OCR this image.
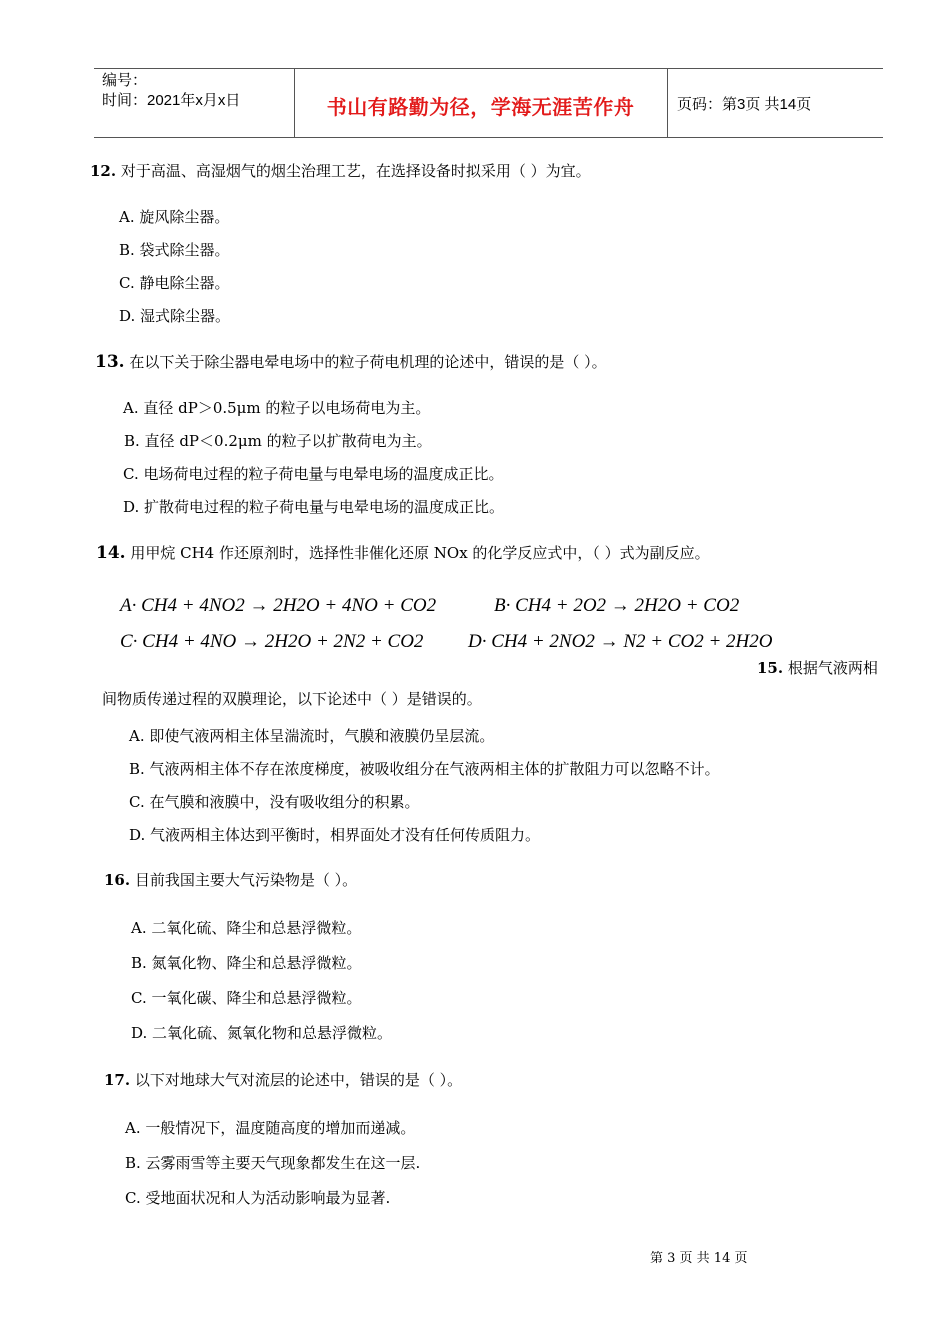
编号：
时间：2021年x月x日	书山有路勤为径，学海无涯苦作舟	页码：第3页 共14页
12. 对于高温、高湿烟气的烟尘治理工艺，在选择设备时拟采用（ ）为宜。
A. 旋风除尘器。
B. 袋式除尘器。
C. 静电除尘器。
D. 湿式除尘器。
13. 在以下关于除尘器电晕电场中的粒子荷电机理的论述中，错误的是（ ）。
A. 直径 dP＞0.5μm 的粒子以电场荷电为主。
B. 直径 dP＜0.2μm 的粒子以扩散荷电为主。
C. 电场荷电过程的粒子荷电量与电晕电场的温度成正比。
D. 扩散荷电过程的粒子荷电量与电晕电场的温度成正比。
14. 用甲烷 CH4 作还原剂时，选择性非催化还原 NOx 的化学反应式中，（ ）式为副反应。
A· CH4 + 4NO2 → 2H2O + 4NO + CO2	B· CH4 + 2O2 → 2H2O + CO2
C· CH4 + 4NO → 2H2O + 2N2 + CO2 D· CH4 + 2NO2 → N2 + CO2 + 2H2O
15. 根据气液两相
间物质传递过程的双膜理论，以下论述中（ ）是错误的。
A. 即使气液两相主体呈湍流时，气膜和液膜仍呈层流。
B. 气液两相主体不存在浓度梯度，被吸收组分在气液两相主体的扩散阻力可以忽略不计。
C. 在气膜和液膜中，没有吸收组分的积累。
D. 气液两相主体达到平衡时，相界面处才没有任何传质阻力。
16. 目前我国主要大气污染物是（ ）。
A. 二氧化硫、降尘和总悬浮微粒。
B. 氮氧化物、降尘和总悬浮微粒。
C. 一氧化碳、降尘和总悬浮微粒。
D. 二氧化硫、氮氧化物和总悬浮微粒。
17. 以下对地球大气对流层的论述中，错误的是（ ）。
A. 一般情况下，温度随高度的增加而递减。
B. 云雾雨雪等主要天气现象都发生在这一层.
C. 受地面状况和人为活动影响最为显著.
第 3 页 共 14 页
